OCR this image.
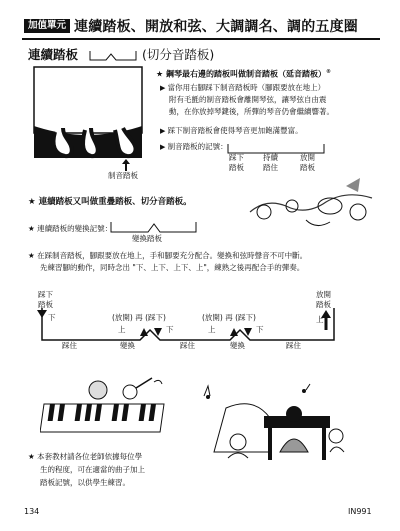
加值單元 連續踏板、開放和弦、大調調名、調的五度圈
連續踏板	(切分音踏板)
制音踏板
★ 鋼琴最右邊的踏板叫做制音踏板（延音踏板）®
▶ 當你用右腳踩下制音踏板時（腳跟要放在地上）
附有毛氈的制音踏板會離開琴弦，讓琴弦自由震
動，在你放掉琴鍵後，所彈的琴音仍會繼續響著。
▶ 踩下制音踏板會使得琴音更加飽滿豐富。
▶ 制音踏板的記號：
踩下
踏板
持續
踏住
放開
踏板
★ 連續踏板又叫做重疊踏板、切分音踏板。
★ 連續踏板的變換記號：
變換踏板
★ 在踩制音踏板，腳跟要放在地上，手和腳要充分配合。變換和弦時聲音不可中斷。
先練習腳的動作，同時念出 "下、上下、上下、上"，練熟之後再配合手的彈奏。
踩下
踏板
放開
踏板
下	(放開) 再 (踩下)
上	下
(放開) 再 (踩下)
上	下
上
踩住	變換	踩住	變換	踩住
★ 本套教材請各位老師依據每位學
生的程度，可在適當的曲子加上
踏板記號，以供學生練習。
134	IN991
